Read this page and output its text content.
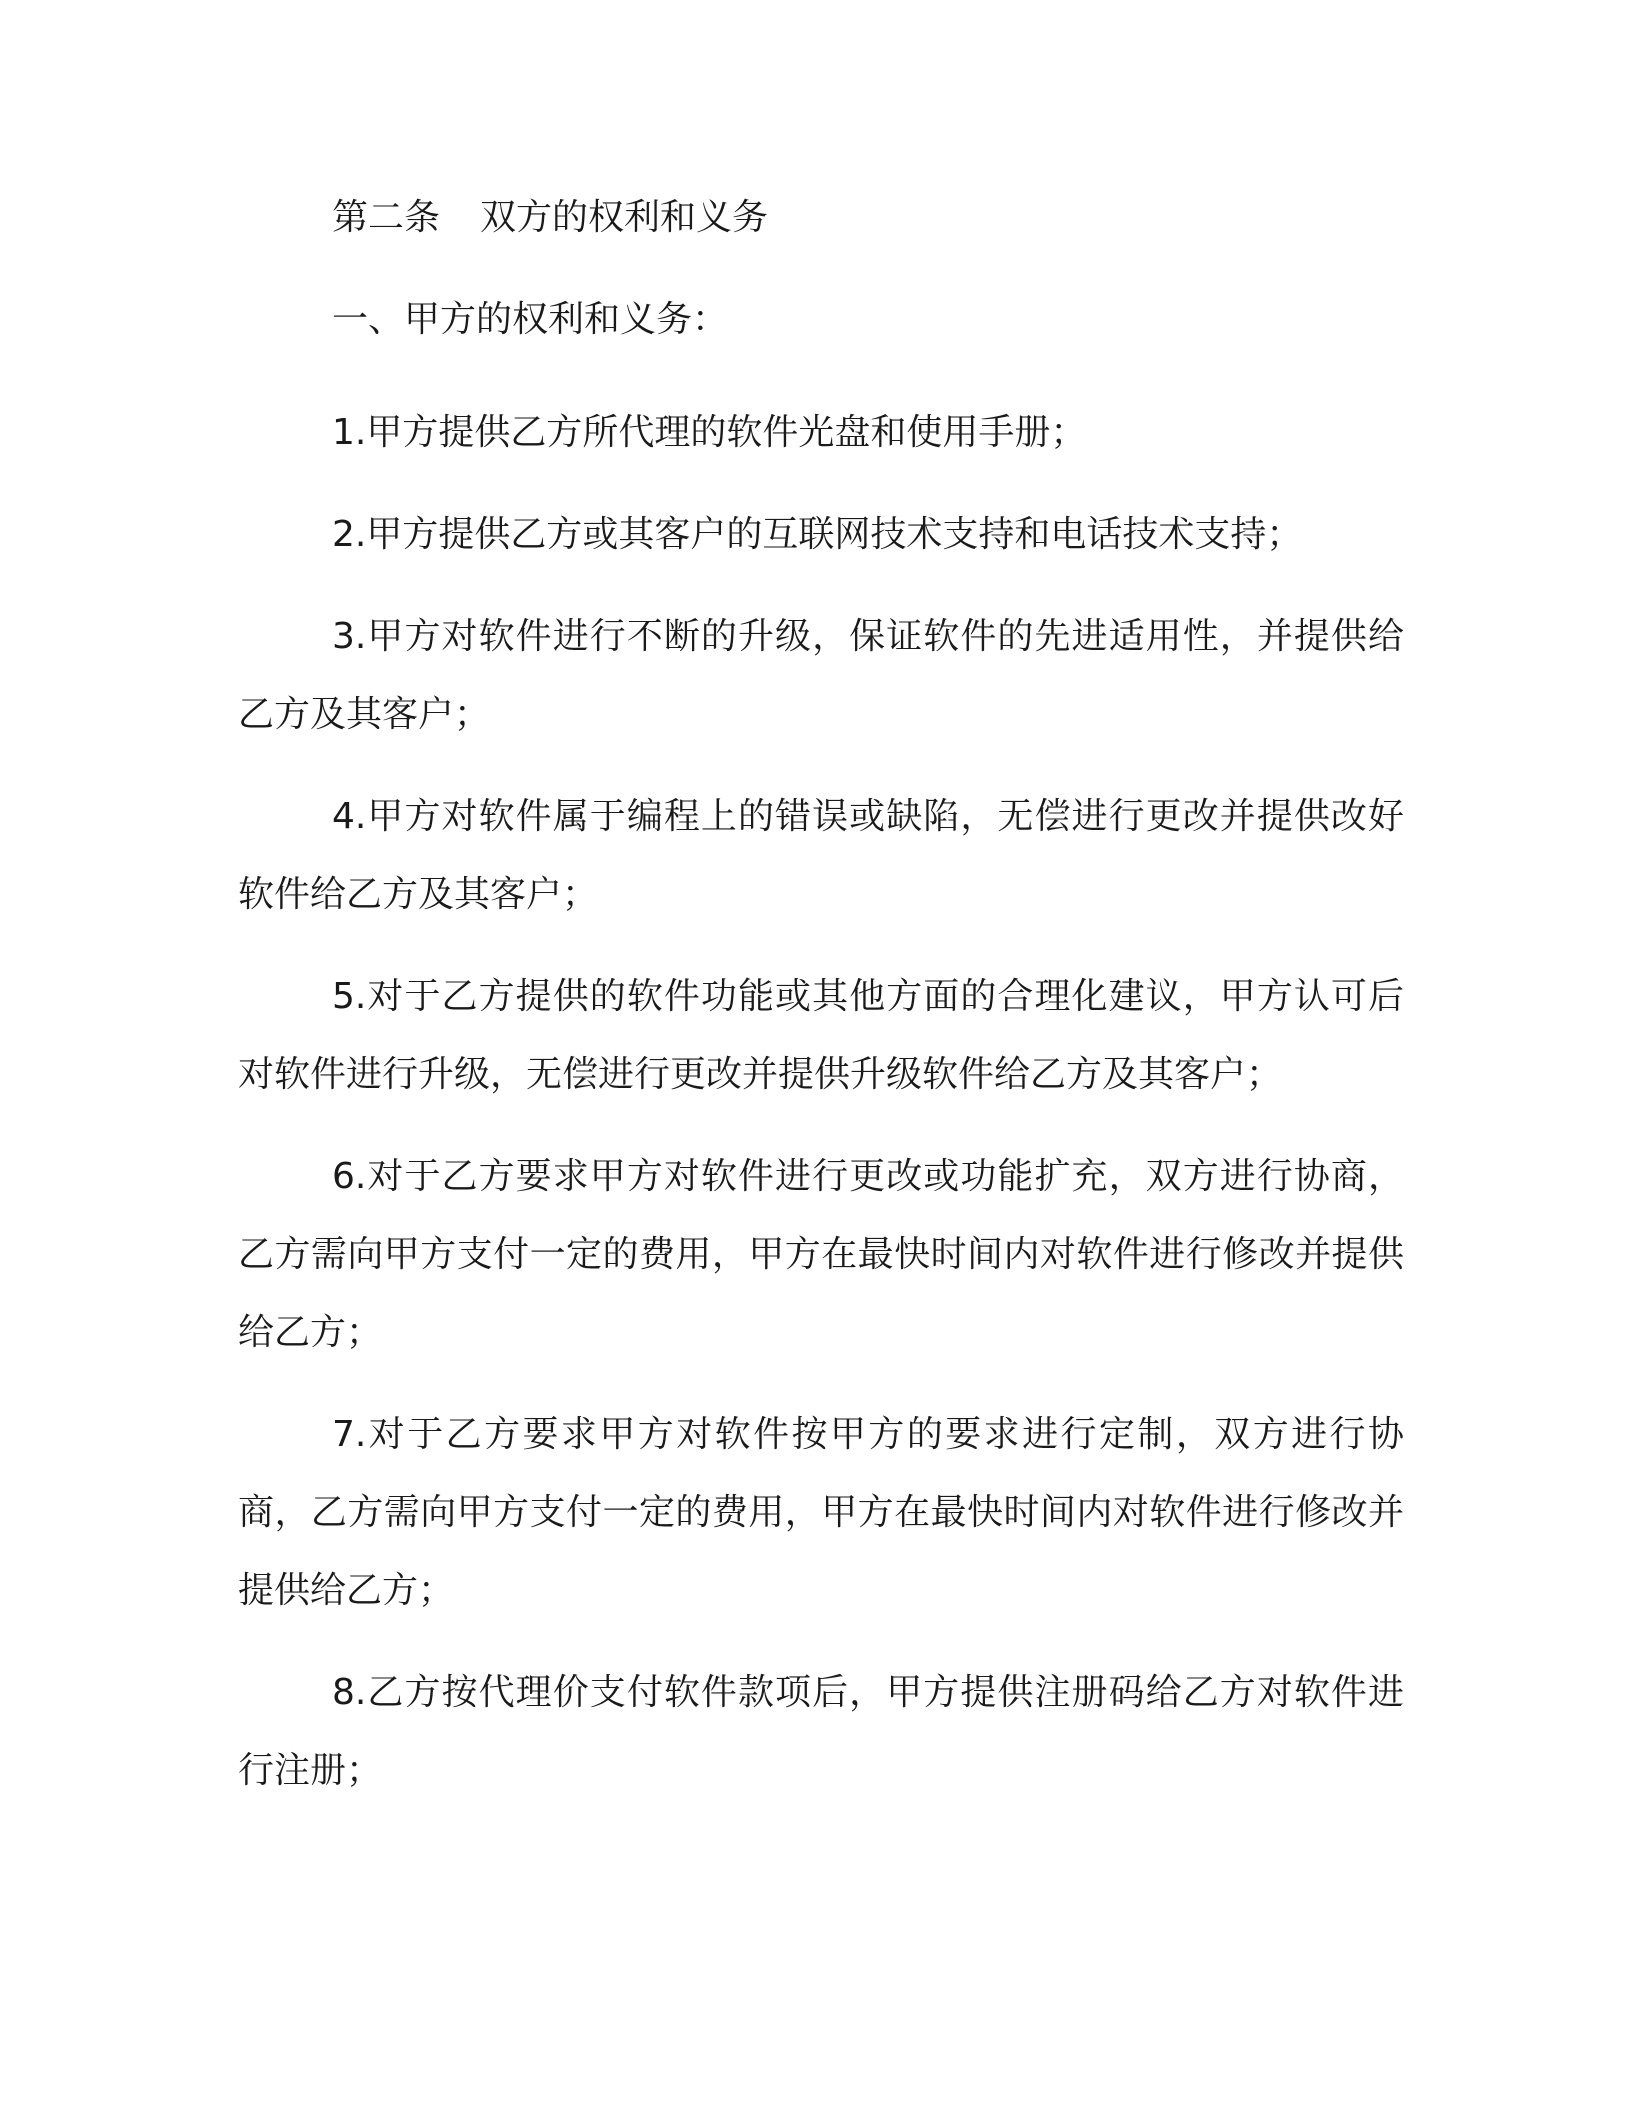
第二条 双方的权利和义务
一、甲方的权利和义务：

1.甲方提供乙方所代理的软件光盘和使用手册；

2.甲方提供乙方或其客户的互联网技术支持和电话技术支持；

3.甲方对软件进行不断的升级，保证软件的先进适用性，并提供给乙方及其客户；

4.甲方对软件属于编程上的错误或缺陷，无偿进行更改并提供改好软件给乙方及其客户；

5.对于乙方提供的软件功能或其他方面的合理化建议，甲方认可后对软件进行升级，无偿进行更改并提供升级软件给乙方及其客户；

6.对于乙方要求甲方对软件进行更改或功能扩充，双方进行协商，乙方需向甲方支付一定的费用，甲方在最快时间内对软件进行修改并提供给乙方；

7.对于乙方要求甲方对软件按甲方的要求进行定制，双方进行协商，乙方需向甲方支付一定的费用，甲方在最快时间内对软件进行修改并提供给乙方；

8.乙方按代理价支付软件款项后，甲方提供注册码给乙方对软件进行注册；
